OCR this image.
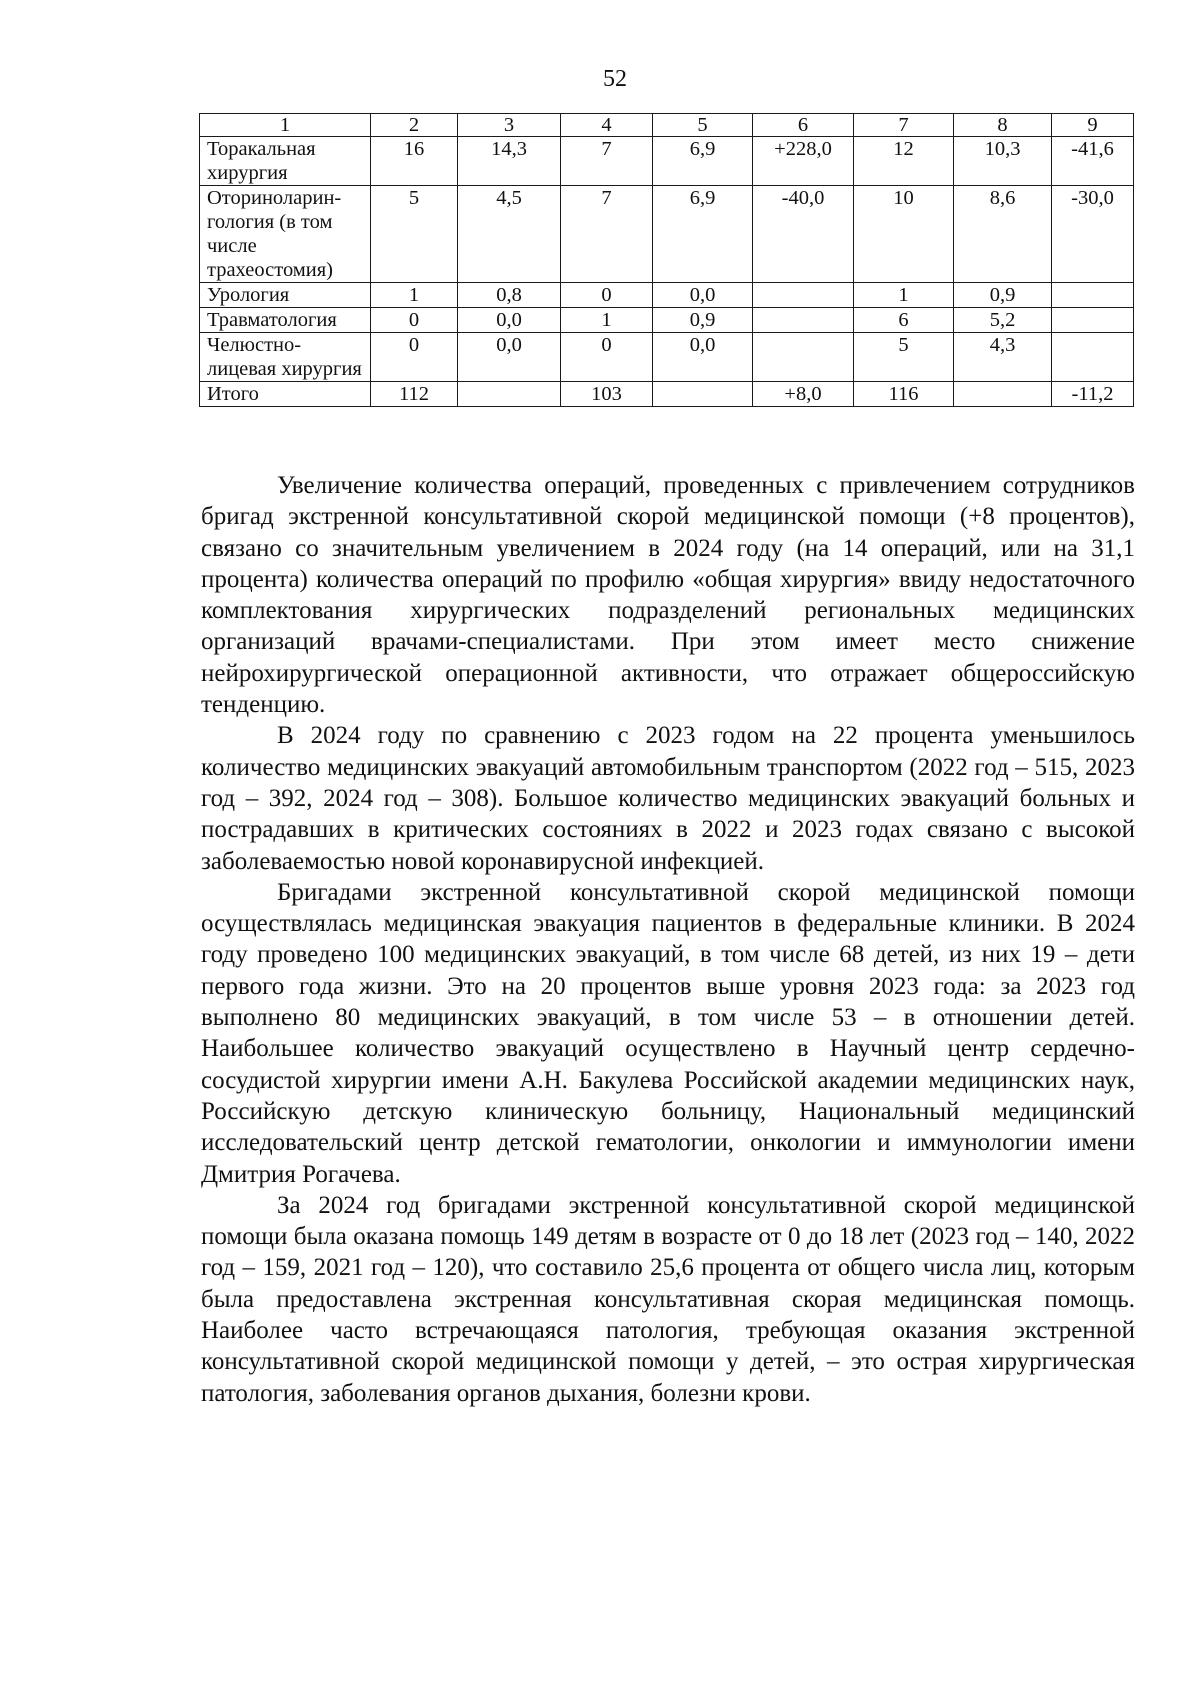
52
1	2	3	4	5	6	7	8	9
Торакальная хирургия	16	14,3	7	6,9	+228,0	12	10,3	-41,6
Оториноларин-гология (в том числе трахеостомия)	5	4,5	7	6,9	-40,0	10	8,6	-30,0
Урология	1	0,8	0	0,0		1	0,9	
Травматология	0	0,0	1	0,9		6	5,2	
Челюстно-лицевая хирургия	0	0,0	0	0,0		5	4,3	
Итого	112		103		+8,0	116		-11,2

Увеличение количества операций, проведенных с привлечением сотрудников бригад экстренной консультативной скорой медицинской помощи (+8 процентов), связано со значительным увеличением в 2024 году (на 14 операций, или на 31,1 процента) количества операций по профилю «общая хирургия» ввиду недостаточного комплектования хирургических подразделений региональных медицинских организаций врачами-специалистами. При этом имеет место снижение нейрохирургической операционной активности, что отражает общероссийскую тенденцию.

В 2024 году по сравнению с 2023 годом на 22 процента уменьшилось количество медицинских эвакуаций автомобильным транспортом (2022 год – 515, 2023 год – 392, 2024 год – 308). Большое количество медицинских эвакуаций больных и пострадавших в критических состояниях в 2022 и 2023 годах связано с высокой заболеваемостью новой коронавирусной инфекцией.

Бригадами экстренной консультативной скорой медицинской помощи осуществлялась медицинская эвакуация пациентов в федеральные клиники. В 2024 году проведено 100 медицинских эвакуаций, в том числе 68 детей, из них 19 – дети первого года жизни. Это на 20 процентов выше уровня 2023 года: за 2023 год выполнено 80 медицинских эвакуаций, в том числе 53 – в отношении детей. Наибольшее количество эвакуаций осуществлено в Научный центр сердечно-сосудистой хирургии имени А.Н. Бакулева Российской академии медицинских наук, Российскую детскую клиническую больницу, Национальный медицинский исследовательский центр детской гематологии, онкологии и иммунологии имени Дмитрия Рогачева.

За 2024 год бригадами экстренной консультативной скорой медицинской помощи была оказана помощь 149 детям в возрасте от 0 до 18 лет (2023 год – 140, 2022 год – 159, 2021 год – 120), что составило 25,6 процента от общего числа лиц, которым была предоставлена экстренная консультативная скорая медицинская помощь. Наиболее часто встречающаяся патология, требующая оказания экстренной консультативной скорой медицинской помощи у детей, – это острая хирургическая патология, заболевания органов дыхания, болезни крови.
